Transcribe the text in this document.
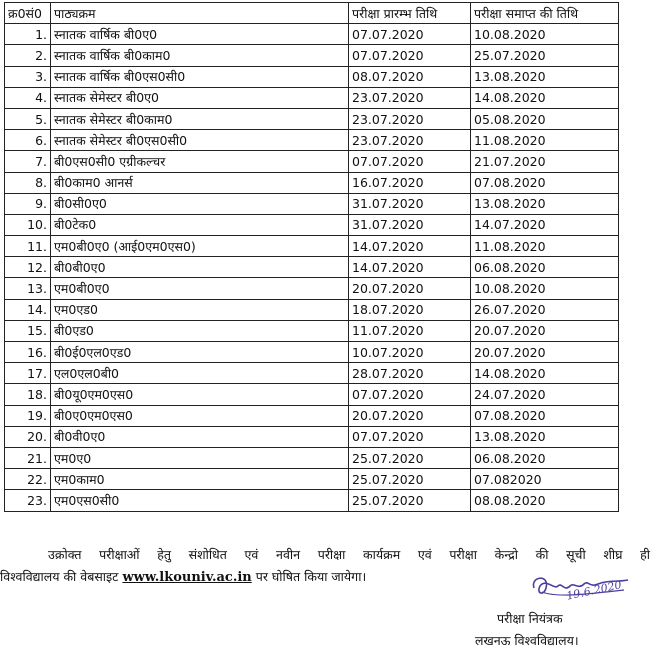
क्र0सं0	पाठ्यक्रम	परीक्षा प्रारम्भ तिथि	परीक्षा समाप्त की तिथि
1.	स्नातक वार्षिक बी0ए0	07.07.2020	10.08.2020
2.	स्नातक वार्षिक बी0काम0	07.07.2020	25.07.2020
3.	स्नातक वार्षिक बी0एस0सी0	08.07.2020	13.08.2020
4.	स्नातक सेमेस्टर बी0ए0	23.07.2020	14.08.2020
5.	स्नातक सेमेस्टर बी0काम0	23.07.2020	05.08.2020
6.	स्नातक सेमेस्टर बी0एस0सी0	23.07.2020	11.08.2020
7.	बी0एस0सी0 एग्रीकल्चर	07.07.2020	21.07.2020
8.	बी0काम0 आनर्स	16.07.2020	07.08.2020
9.	बी0सी0ए0	31.07.2020	13.08.2020
10.	बी0टेक0	31.07.2020	14.07.2020
11.	एम0बी0ए0 (आई0एम0एस0)	14.07.2020	11.08.2020
12.	बी0बी0ए0	14.07.2020	06.08.2020
13.	एम0बी0ए0	20.07.2020	10.08.2020
14.	एम0एड0	18.07.2020	26.07.2020
15.	बी0एड0	11.07.2020	20.07.2020
16.	बी0ई0एल0एड0	10.07.2020	20.07.2020
17.	एल0एल0बी0	28.07.2020	14.08.2020
18.	बी0यू0एम0एस0	07.07.2020	24.07.2020
19.	बी0ए0एम0एस0	20.07.2020	07.08.2020
20.	बी0वी0ए0	07.07.2020	13.08.2020
21.	एम0ए0	25.07.2020	06.08.2020
22.	एम0काम0	25.07.2020	07.082020
23.	एम0एस0सी0	25.07.2020	08.08.2020
उक्रोक्त परीक्षाओं हेतु संशोधित एवं नवीन परीक्षा कार्यक्रम एवं परीक्षा केन्द्रो की सूची शीघ्र ही
विश्वविद्यालय की वेबसाइट www.lkouniv.ac.in पर घोषित किया जायेगा।
19.6.2020
परीक्षा नियंत्रक
लखनऊ विश्वविद्यालय।
